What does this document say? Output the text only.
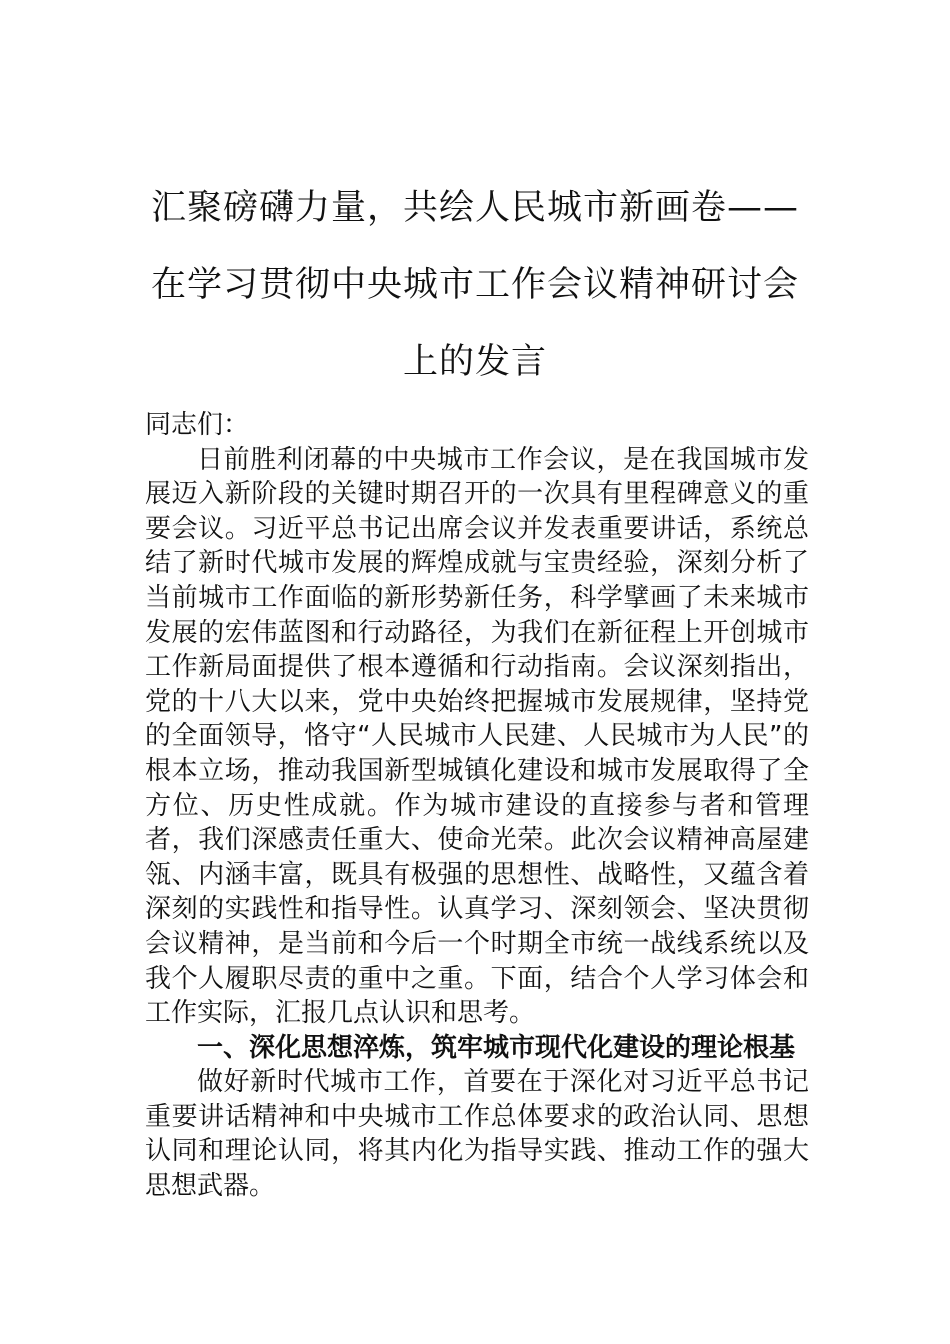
汇聚磅礴力量，共绘人民城市新画卷——
在学习贯彻中央城市工作会议精神研讨会
上的发言

同志们：

日前胜利闭幕的中央城市工作会议，是在我国城市发展迈入新阶段的关键时期召开的一次具有里程碑意义的重要会议。习近平总书记出席会议并发表重要讲话，系统总结了新时代城市发展的辉煌成就与宝贵经验，深刻分析了当前城市工作面临的新形势新任务，科学擘画了未来城市发展的宏伟蓝图和行动路径，为我们在新征程上开创城市工作新局面提供了根本遵循和行动指南。会议深刻指出，党的十八大以来，党中央始终把握城市发展规律，坚持党的全面领导，恪守“人民城市人民建、人民城市为人民”的根本立场，推动我国新型城镇化建设和城市发展取得了全方位、历史性成就。作为城市建设的直接参与者和管理者，我们深感责任重大、使命光荣。此次会议精神高屋建瓴、内涵丰富，既具有极强的思想性、战略性，又蕴含着深刻的实践性和指导性。认真学习、深刻领会、坚决贯彻会议精神，是当前和今后一个时期全市统一战线系统以及我个人履职尽责的重中之重。下面，结合个人学习体会和工作实际，汇报几点认识和思考。

一、深化思想淬炼，筑牢城市现代化建设的理论根基

做好新时代城市工作，首要在于深化对习近平总书记重要讲话精神和中央城市工作总体要求的政治认同、思想认同和理论认同，将其内化为指导实践、推动工作的强大思想武器。
